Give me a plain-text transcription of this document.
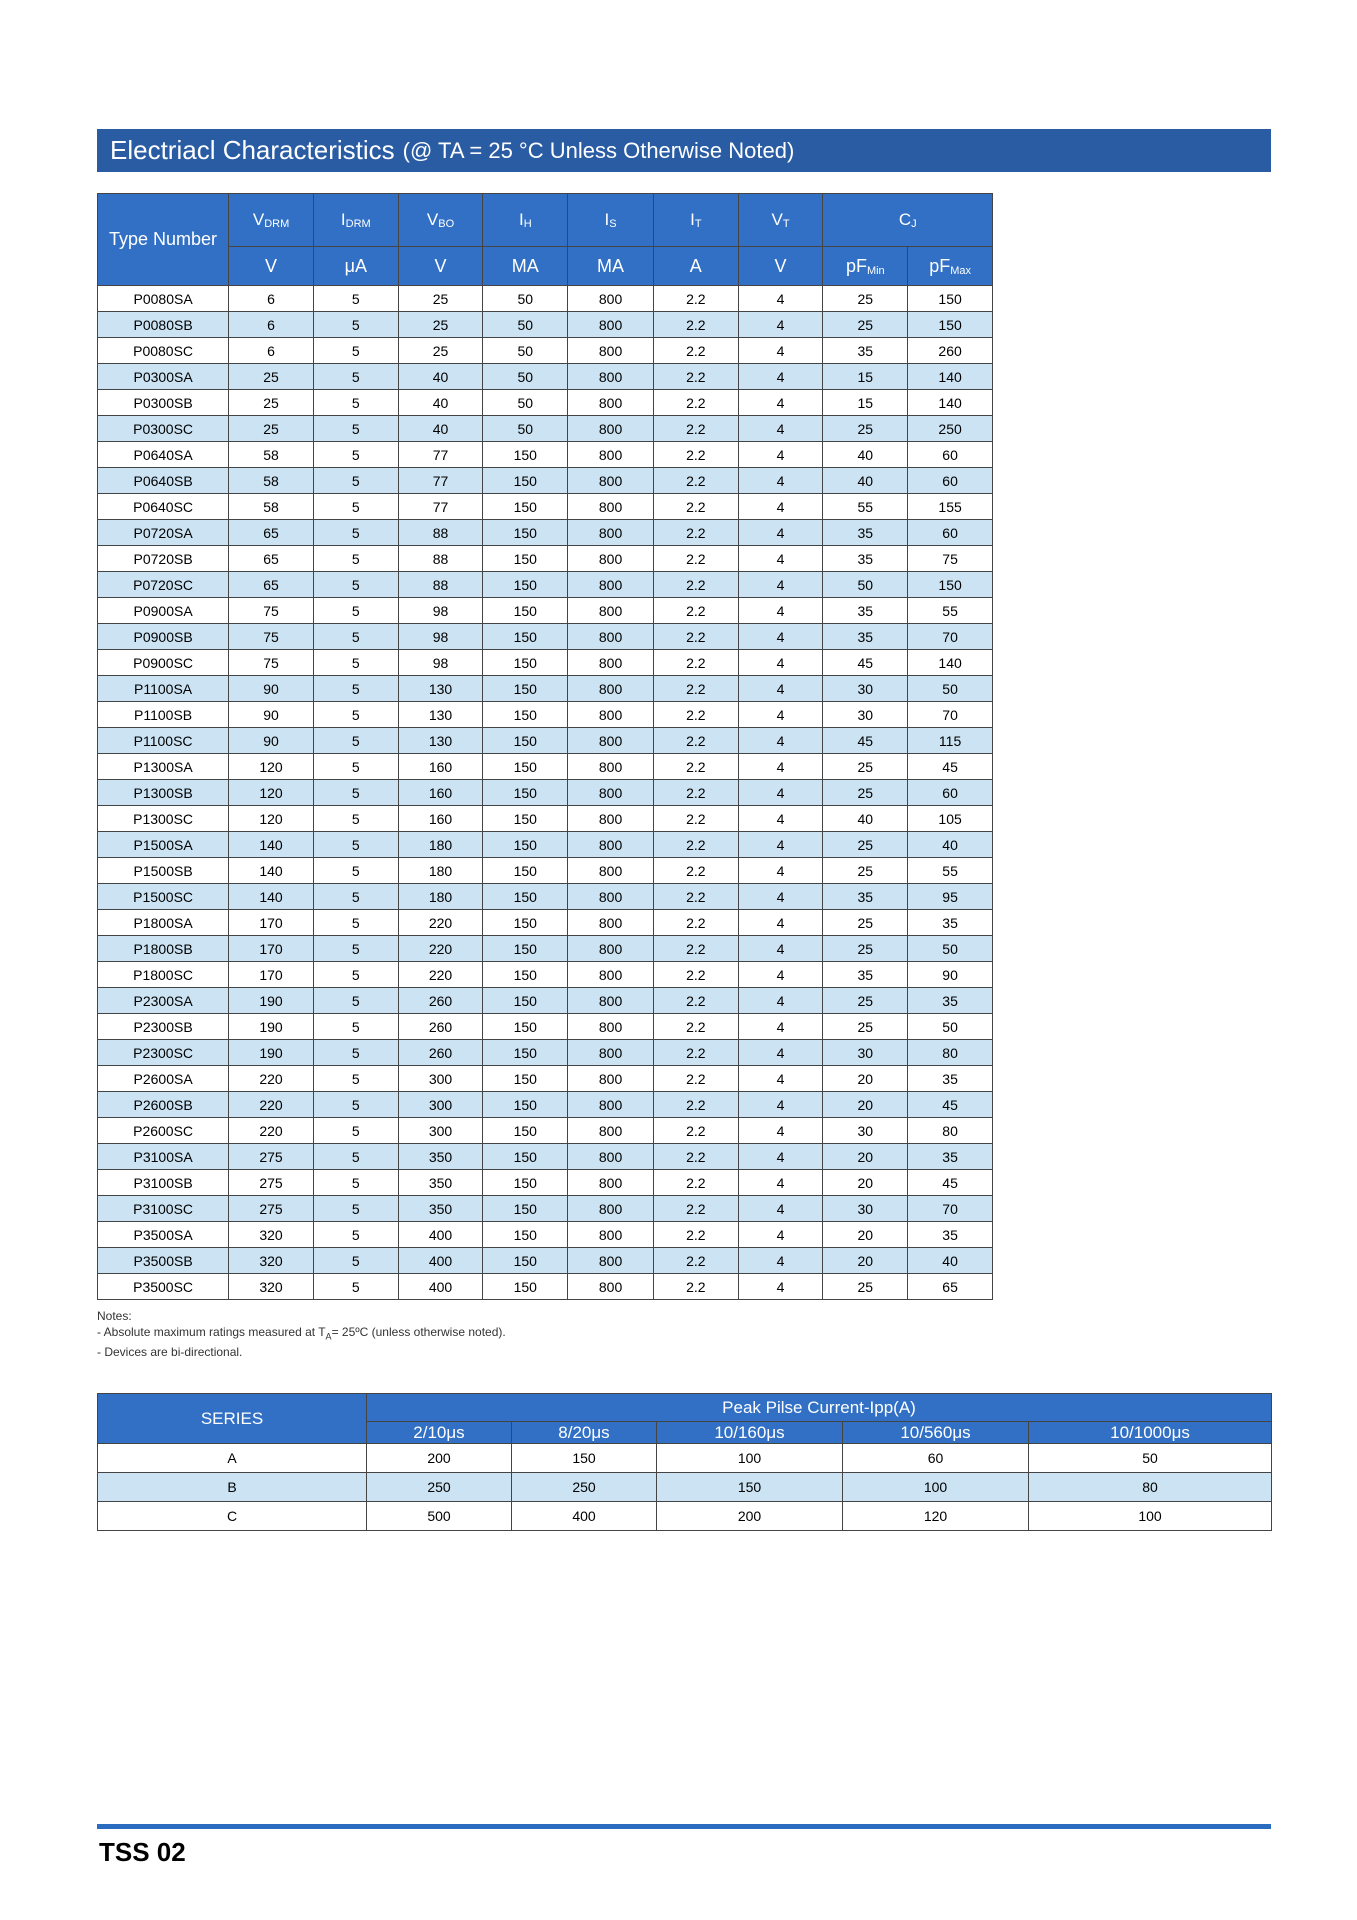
Electriacl Characteristics (@ TA = 25 °C Unless Otherwise Noted)
Type Number	$V_{DRM}$	$I_{DRM}$	$V_{BO}$	$I_H$	$I_S$	$I_T$	$V_T$	$C_J$
	V	μA	V	MA	MA	A	V	$pF_{Min}$	$pF_{Max}$
P0080SA	6	5	25	50	800	2.2	4	25	150
P0080SB	6	5	25	50	800	2.2	4	25	150
P0080SC	6	5	25	50	800	2.2	4	35	260
P0300SA	25	5	40	50	800	2.2	4	15	140
P0300SB	25	5	40	50	800	2.2	4	15	140
P0300SC	25	5	40	50	800	2.2	4	25	250
P0640SA	58	5	77	150	800	2.2	4	40	60
P0640SB	58	5	77	150	800	2.2	4	40	60
P0640SC	58	5	77	150	800	2.2	4	55	155
P0720SA	65	5	88	150	800	2.2	4	35	60
P0720SB	65	5	88	150	800	2.2	4	35	75
P0720SC	65	5	88	150	800	2.2	4	50	150
P0900SA	75	5	98	150	800	2.2	4	35	55
P0900SB	75	5	98	150	800	2.2	4	35	70
P0900SC	75	5	98	150	800	2.2	4	45	140
P1100SA	90	5	130	150	800	2.2	4	30	50
P1100SB	90	5	130	150	800	2.2	4	30	70
P1100SC	90	5	130	150	800	2.2	4	45	115
P1300SA	120	5	160	150	800	2.2	4	25	45
P1300SB	120	5	160	150	800	2.2	4	25	60
P1300SC	120	5	160	150	800	2.2	4	40	105
P1500SA	140	5	180	150	800	2.2	4	25	40
P1500SB	140	5	180	150	800	2.2	4	25	55
P1500SC	140	5	180	150	800	2.2	4	35	95
P1800SA	170	5	220	150	800	2.2	4	25	35
P1800SB	170	5	220	150	800	2.2	4	25	50
P1800SC	170	5	220	150	800	2.2	4	35	90
P2300SA	190	5	260	150	800	2.2	4	25	35
P2300SB	190	5	260	150	800	2.2	4	25	50
P2300SC	190	5	260	150	800	2.2	4	30	80
P2600SA	220	5	300	150	800	2.2	4	20	35
P2600SB	220	5	300	150	800	2.2	4	20	45
P2600SC	220	5	300	150	800	2.2	4	30	80
P3100SA	275	5	350	150	800	2.2	4	20	35
P3100SB	275	5	350	150	800	2.2	4	20	45
P3100SC	275	5	350	150	800	2.2	4	30	70
P3500SA	320	5	400	150	800	2.2	4	20	35
P3500SB	320	5	400	150	800	2.2	4	20	40
P3500SC	320	5	400	150	800	2.2	4	25	65
Notes:
- Absolute maximum ratings measured at $T_A=$ 25ºC (unless otherwise noted).
- Devices are bi-directional.
SERIES	Peak Pilse Current-Ipp(A)				
	2/10μs	8/20μs	10/160μs	10/560μs	10/1000μs
A	200	150	100	60	50
B	250	250	150	100	80
C	500	400	200	120	100
TSS 02
